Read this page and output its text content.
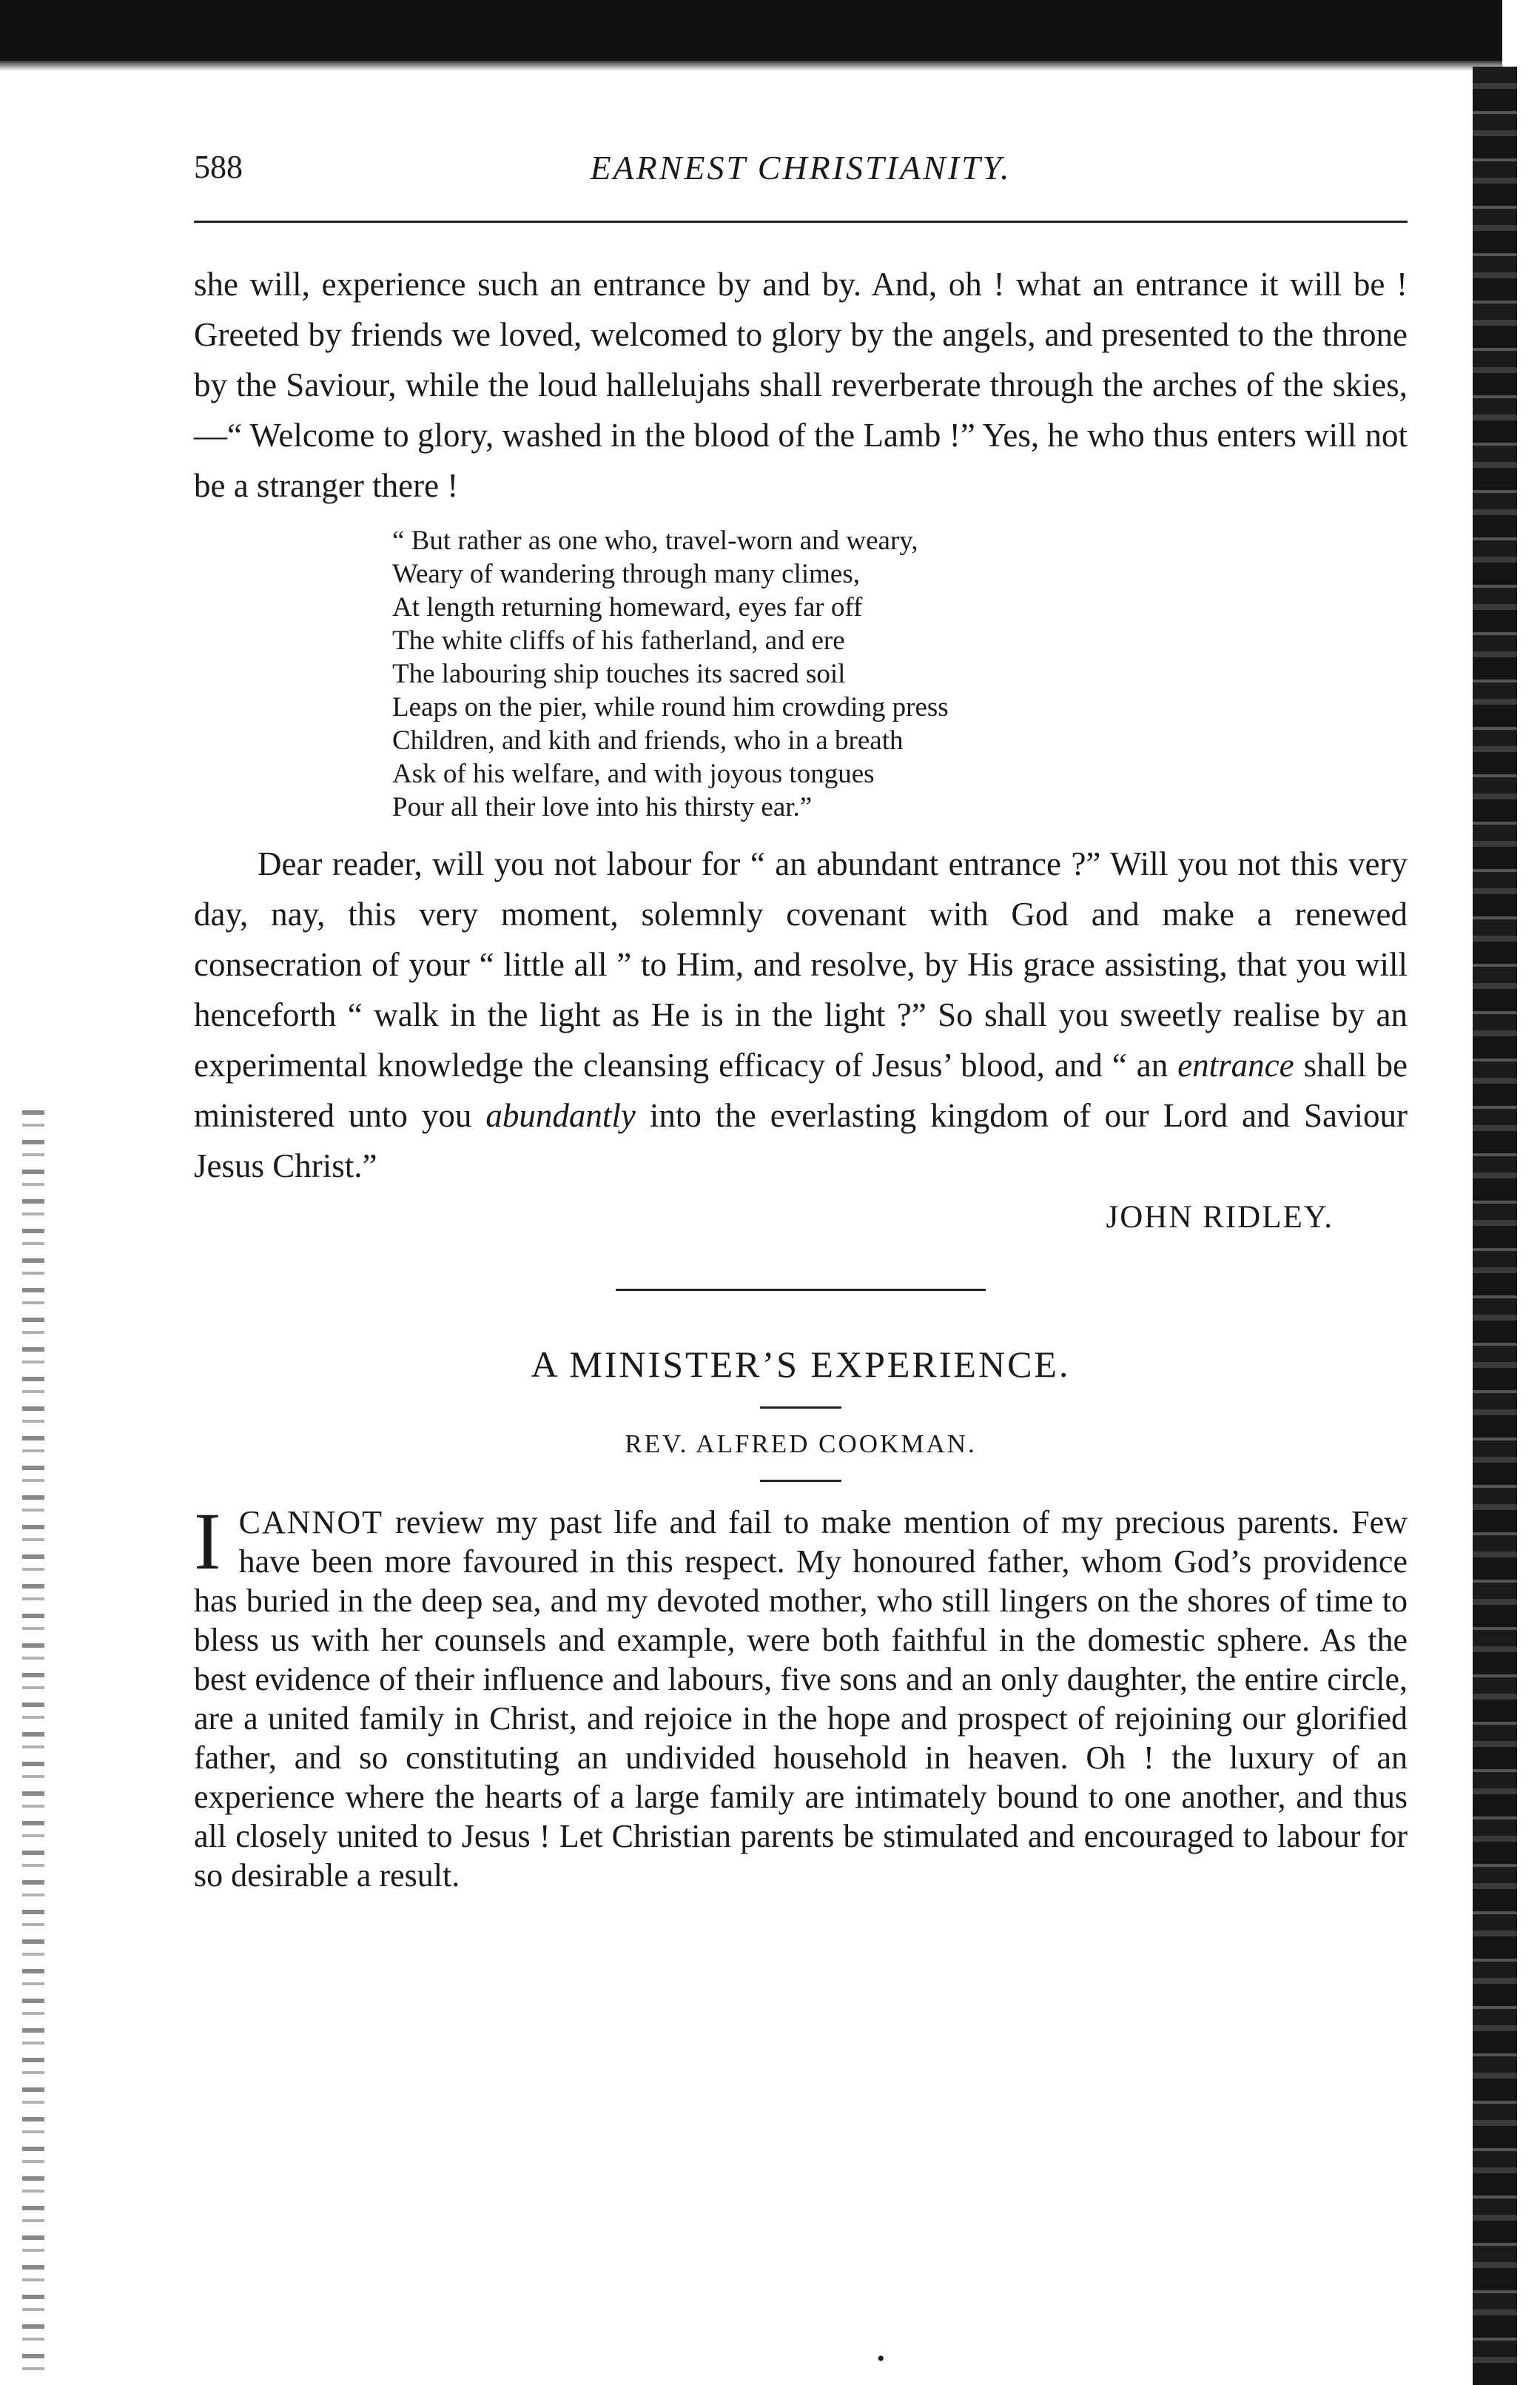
588	EARNEST CHRISTIANITY.

she will, experience such an entrance by and by. And, oh ! what an entrance it will be ! Greeted by friends we loved, welcomed to glory by the angels, and presented to the throne by the Saviour, while the loud hallelujahs shall reverberate through the arches of the skies,—“ Welcome to glory, washed in the blood of the Lamb !” Yes, he who thus enters will not be a stranger there !

“ But rather as one who, travel-worn and weary,
Weary of wandering through many climes,
At length returning homeward, eyes far off
The white cliffs of his fatherland, and ere
The labouring ship touches its sacred soil
Leaps on the pier, while round him crowding press
Children, and kith and friends, who in a breath
Ask of his welfare, and with joyous tongues
Pour all their love into his thirsty ear.”

Dear reader, will you not labour for “ an abundant entrance ?” Will you not this very day, nay, this very moment, solemnly covenant with God and make a renewed consecration of your “ little all ” to Him, and resolve, by His grace assisting, that you will henceforth “ walk in the light as He is in the light ?” So shall you sweetly realise by an experimental knowledge the cleansing efficacy of Jesus’ blood, and “ an entrance shall be ministered unto you abundantly into the everlasting kingdom of our Lord and Saviour Jesus Christ.”

JOHN RIDLEY.
A MINISTER’S EXPERIENCE.
REV. ALFRED COOKMAN.

ICANNOT review my past life and fail to make mention of my precious parents. Few have been more favoured in this respect. My honoured father, whom God’s providence has buried in the deep sea, and my devoted mother, who still lingers on the shores of time to bless us with her counsels and example, were both faithful in the domestic sphere. As the best evidence of their influence and labours, five sons and an only daughter, the entire circle, are a united family in Christ, and rejoice in the hope and prospect of rejoining our glorified father, and so constituting an undivided household in heaven. Oh ! the luxury of an experience where the hearts of a large family are intimately bound to one another, and thus all closely united to Jesus ! Let Christian parents be stimulated and encouraged to labour for so desirable a result.

•
